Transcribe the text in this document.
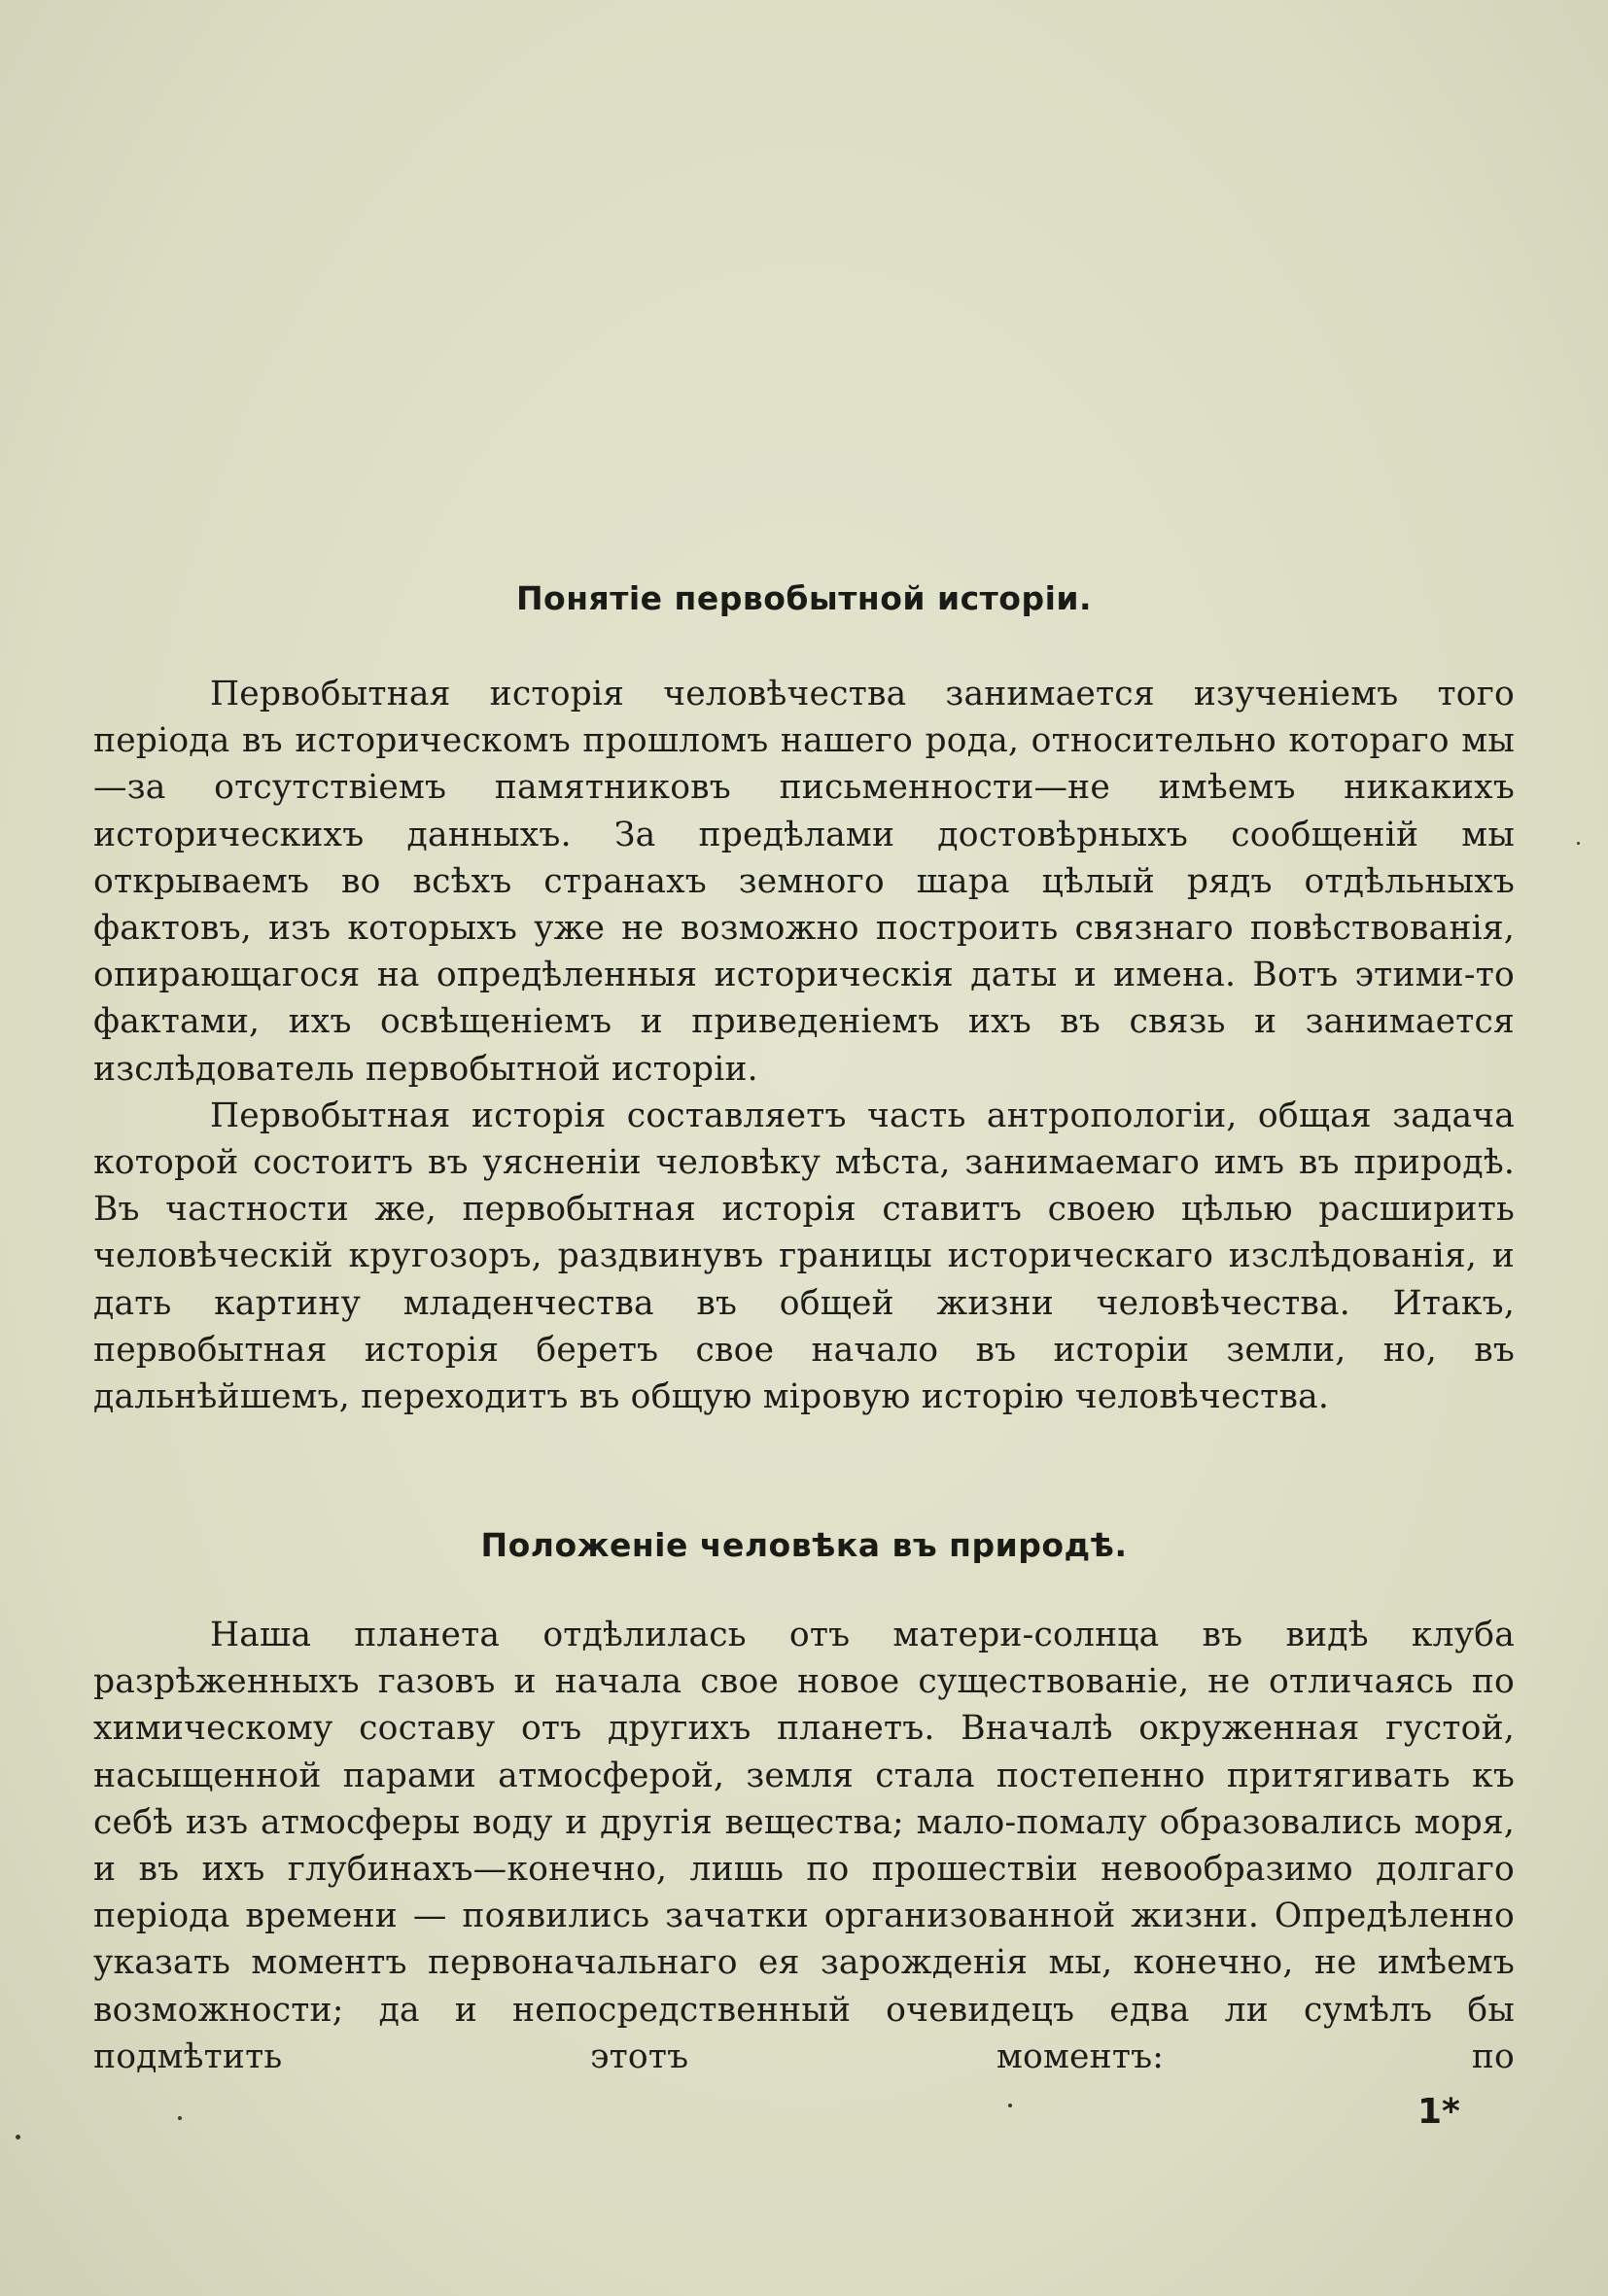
Понятіе первобытной исторіи.

Первобытная исторія человѣчества занимается изученіемъ того періода въ историческомъ прошломъ нашего рода, относительно котораго мы—за отсутствіемъ памятниковъ письменности—не имѣемъ никакихъ историческихъ данныхъ. За предѣлами достовѣрныхъ сообщеній мы открываемъ во всѣхъ странахъ земного шара цѣлый рядъ отдѣльныхъ фактовъ, изъ которыхъ уже не возможно построить связнаго повѣствованія, опирающагося на опредѣленныя историческія даты и имена. Вотъ этими-то фактами, ихъ освѣщеніемъ и приведеніемъ ихъ въ связь и занимается изслѣдователь первобытной исторіи.

Первобытная исторія составляетъ часть антропологіи, общая задача которой состоитъ въ уясненіи человѣку мѣста, занимаемаго имъ въ природѣ. Въ частности же, первобытная исторія ставитъ своею цѣлью расширить человѣческій кругозоръ, раздвинувъ границы историческаго изслѣдованія, и дать картину младенчества въ общей жизни человѣчества. Итакъ, первобытная исторія беретъ свое начало въ исторіи земли, но, въ дальнѣйшемъ, переходитъ въ общую міровую исторію человѣчества.

Положеніе человѣка въ природѣ.

Наша планета отдѣлилась отъ матери-солнца въ видѣ клуба разрѣженныхъ газовъ и начала свое новое существованіе, не отличаясь по химическому составу отъ другихъ планетъ. Вначалѣ окруженная густой, насыщенной парами атмосферой, земля стала постепенно притягивать къ себѣ изъ атмосферы воду и другія вещества; мало-помалу образовались моря, и въ ихъ глубинахъ—конечно, лишь по прошествіи невообразимо долгаго періода времени — появились зачатки организованной жизни. Опредѣленно указать моментъ первоначальнаго ея зарожденія мы, конечно, не имѣемъ возможности; да и непосредственный очевидецъ едва ли сумѣлъ бы подмѣтить этотъ моментъ: по

1*
